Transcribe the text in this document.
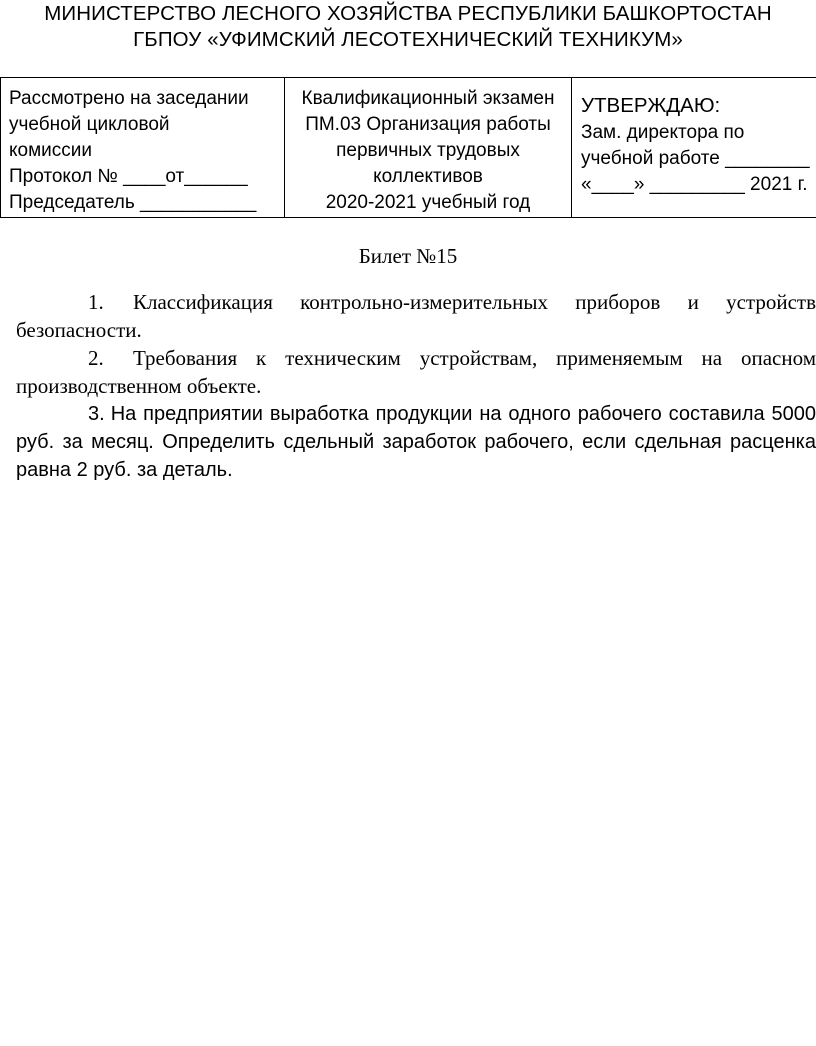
МИНИСТЕРСТВО ЛЕСНОГО ХОЗЯЙСТВА РЕСПУБЛИКИ БАШКОРТОСТАН
ГБПОУ «УФИМСКИЙ ЛЕСОТЕХНИЧЕСКИЙ ТЕХНИКУМ»
Рассмотрено на заседании
учебной цикловой
комиссии
Протокол № ____от______
Председатель ___________
Квалификационный экзамен
ПМ.03 Организация работы
первичных трудовых
коллективов
2020-2021 учебный год
УТВЕРЖДАЮ:
Зам. директора по
учебной работе ________
«____» _________ 2021 г.
Билет №15
1. Классификация контрольно-измерительных приборов и устройств безопасности.
2. Требования к техническим устройствам, применяемым на опасном производственном объекте.
3. На предприятии выработка продукции на одного рабочего составила 5000 руб. за месяц. Определить сдельный заработок рабочего, если сдельная расценка равна 2 руб. за деталь.
